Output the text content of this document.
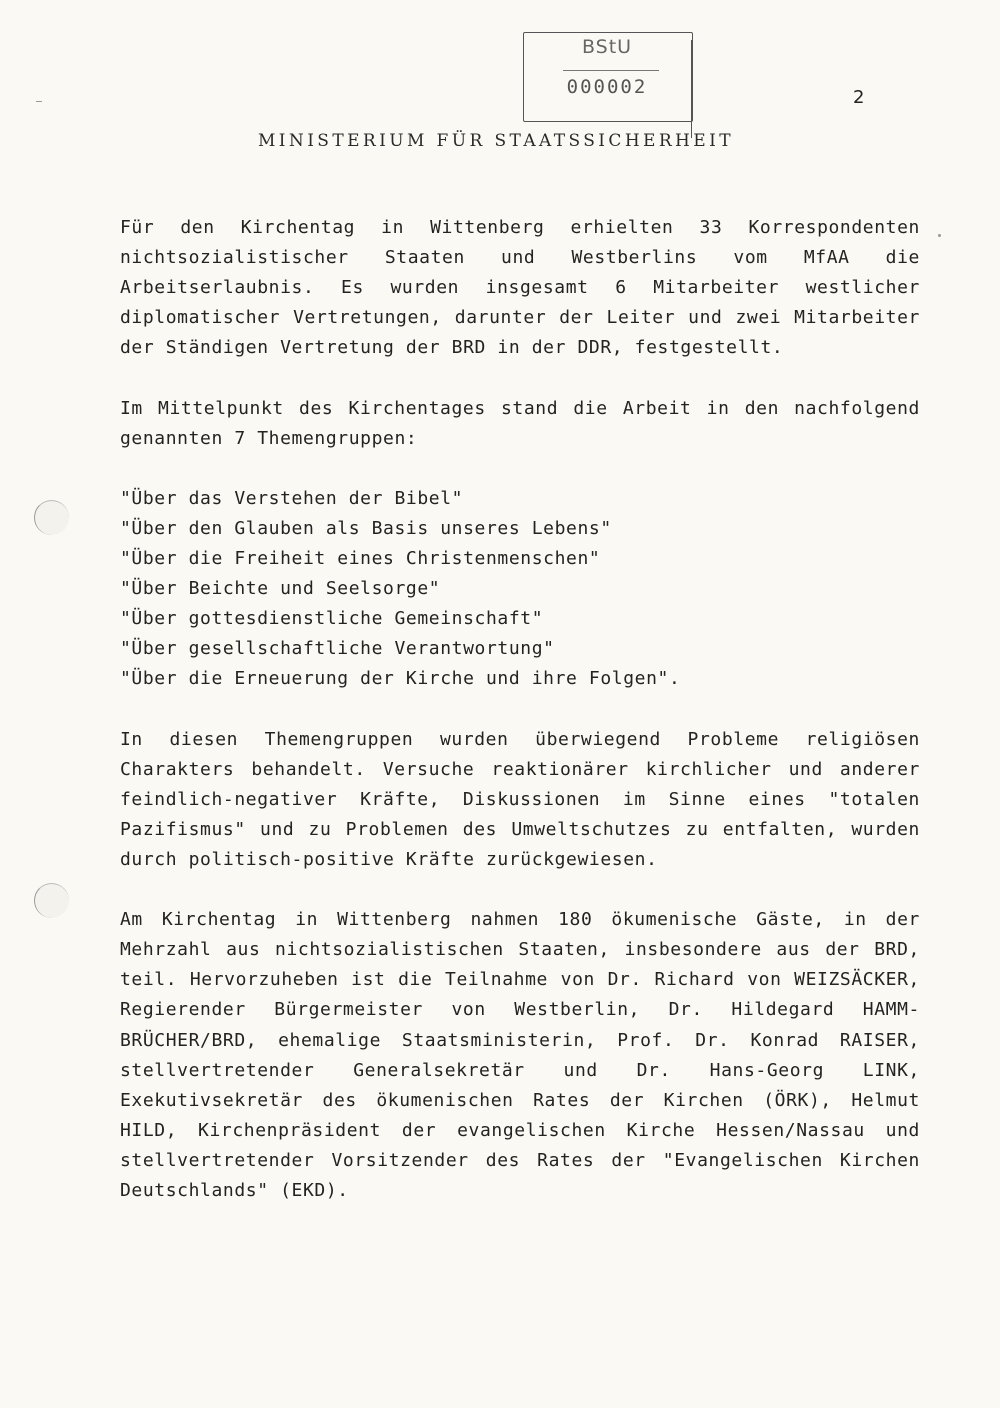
BStU
000002	2
MINISTERIUM FÜR STAATSSICHERHEIT

Für den Kirchentag in Wittenberg erhielten 33 Korrespondenten nichtsozialistischer Staaten und Westberlins vom MfAA die Arbeitserlaubnis. Es wurden insgesamt 6 Mitarbeiter westlicher diplomatischer Vertretungen, darunter der Leiter und zwei Mitarbeiter der Ständigen Vertretung der BRD in der DDR, festgestellt.

Im Mittelpunkt des Kirchentages stand die Arbeit in den nachfolgend genannten 7 Themengruppen:

"Über das Verstehen der Bibel"
"Über den Glauben als Basis unseres Lebens"
"Über die Freiheit eines Christenmenschen"
"Über Beichte und Seelsorge"
"Über gottesdienstliche Gemeinschaft"
"Über gesellschaftliche Verantwortung"
"Über die Erneuerung der Kirche und ihre Folgen".

In diesen Themengruppen wurden überwiegend Probleme religiösen Charakters behandelt. Versuche reaktionärer kirchlicher und anderer feindlich-negativer Kräfte, Diskussionen im Sinne eines "totalen Pazifismus" und zu Problemen des Umweltschutzes zu entfalten, wurden durch politisch-positive Kräfte zurückgewiesen.

Am Kirchentag in Wittenberg nahmen 180 ökumenische Gäste, in der Mehrzahl aus nichtsozialistischen Staaten, insbesondere aus der BRD, teil. Hervorzuheben ist die Teilnahme von Dr. Richard von WEIZSÄCKER, Regierender Bürgermeister von Westberlin, Dr. Hildegard HAMM-BRÜCHER/BRD, ehemalige Staatsministerin, Prof. Dr. Konrad RAISER, stellvertretender Generalsekretär und Dr. Hans-Georg LINK, Exekutivsekretär des ökumenischen Rates der Kirchen (ÖRK), Helmut HILD, Kirchenpräsident der evangelischen Kirche Hessen/Nassau und stellvertretender Vorsitzender des Rates der "Evangelischen Kirchen Deutschlands" (EKD).
